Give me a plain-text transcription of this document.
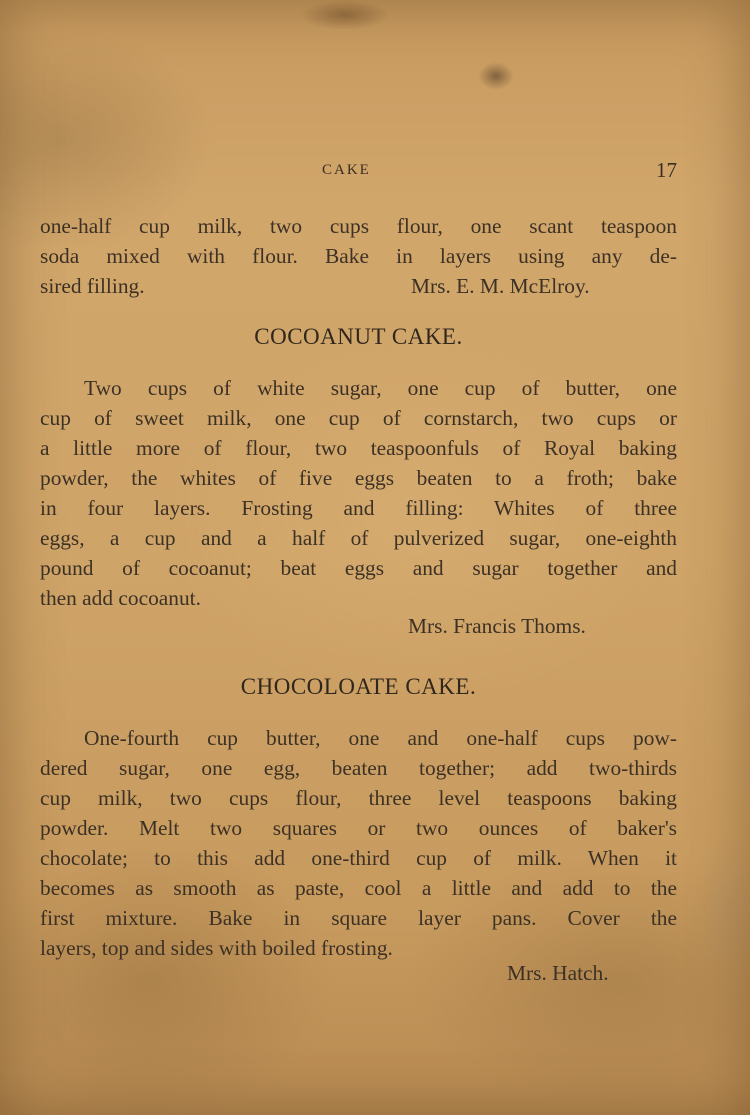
CAKE	17
one-half cup milk, two cups flour, one scant teaspoon
soda mixed with flour. Bake in layers using any de-
sired filling.	Mrs. E. M. McElroy.
COCOANUT CAKE.
Two cups of white sugar, one cup of butter, one
cup of sweet milk, one cup of cornstarch, two cups or
a little more of flour, two teaspoonfuls of Royal baking
powder, the whites of five eggs beaten to a froth; bake
in four layers. Frosting and filling: Whites of three
eggs, a cup and a half of pulverized sugar, one-eighth
pound of cocoanut; beat eggs and sugar together and
then add cocoanut.
Mrs. Francis Thoms.
CHOCOLOATE CAKE.
One-fourth cup butter, one and one-half cups pow-
dered sugar, one egg, beaten together; add two-thirds
cup milk, two cups flour, three level teaspoons baking
powder. Melt two squares or two ounces of baker's
chocolate; to this add one-third cup of milk. When it
becomes as smooth as paste, cool a little and add to the
first mixture. Bake in square layer pans. Cover the
layers, top and sides with boiled frosting.
Mrs. Hatch.
